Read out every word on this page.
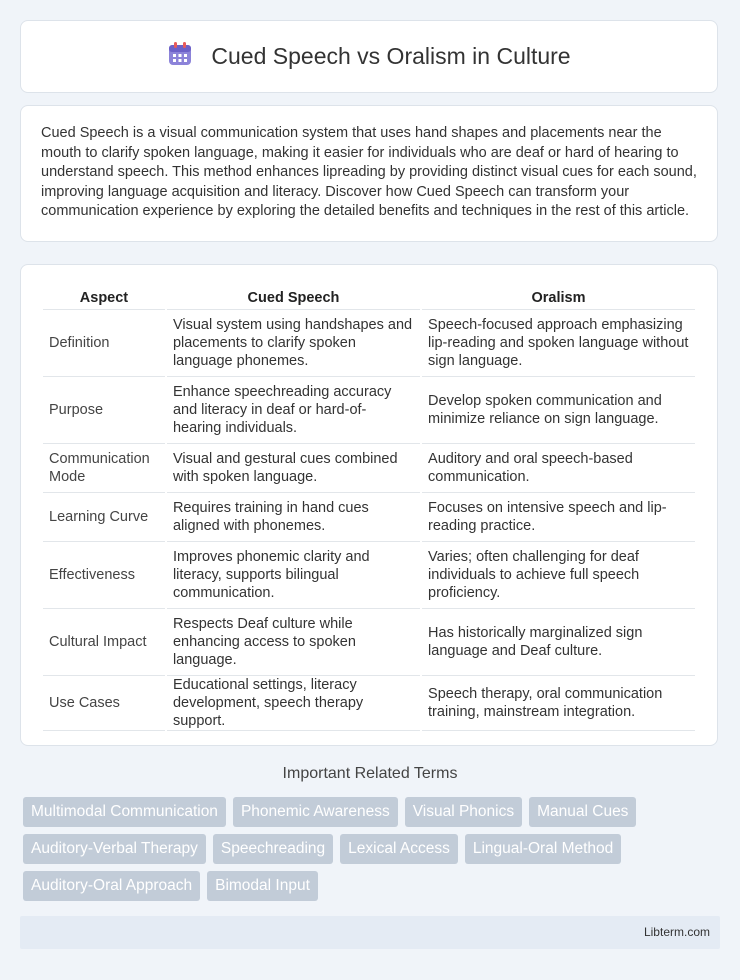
Cued Speech vs Oralism in Culture

Cued Speech is a visual communication system that uses hand shapes and placements near the mouth to clarify spoken language, making it easier for individuals who are deaf or hard of hearing to understand speech. This method enhances lipreading by providing distinct visual cues for each sound, improving language acquisition and literacy. Discover how Cued Speech can transform your communication experience by exploring the detailed benefits and techniques in the rest of this article.

Aspect	Cued Speech	Oralism
Definition	Visual system using handshapes and placements to clarify spoken language phonemes.	Speech-focused approach emphasizing lip-reading and spoken language without sign language.
Purpose	Enhance speechreading accuracy and literacy in deaf or hard-of-hearing individuals.	Develop spoken communication and minimize reliance on sign language.
Communication Mode	Visual and gestural cues combined with spoken language.	Auditory and oral speech-based communication.
Learning Curve	Requires training in hand cues aligned with phonemes.	Focuses on intensive speech and lip-reading practice.
Effectiveness	Improves phonemic clarity and literacy, supports bilingual communication.	Varies; often challenging for deaf individuals to achieve full speech proficiency.
Cultural Impact	Respects Deaf culture while enhancing access to spoken language.	Has historically marginalized sign language and Deaf culture.
Use Cases	Educational settings, literacy development, speech therapy support.	Speech therapy, oral communication training, mainstream integration.
Important Related Terms
Multimodal Communication	Phonemic Awareness	Visual Phonics	Manual Cues
Auditory-Verbal Therapy	Speechreading	Lexical Access	Lingual-Oral Method
Auditory-Oral Approach	Bimodal Input
Libterm.com
